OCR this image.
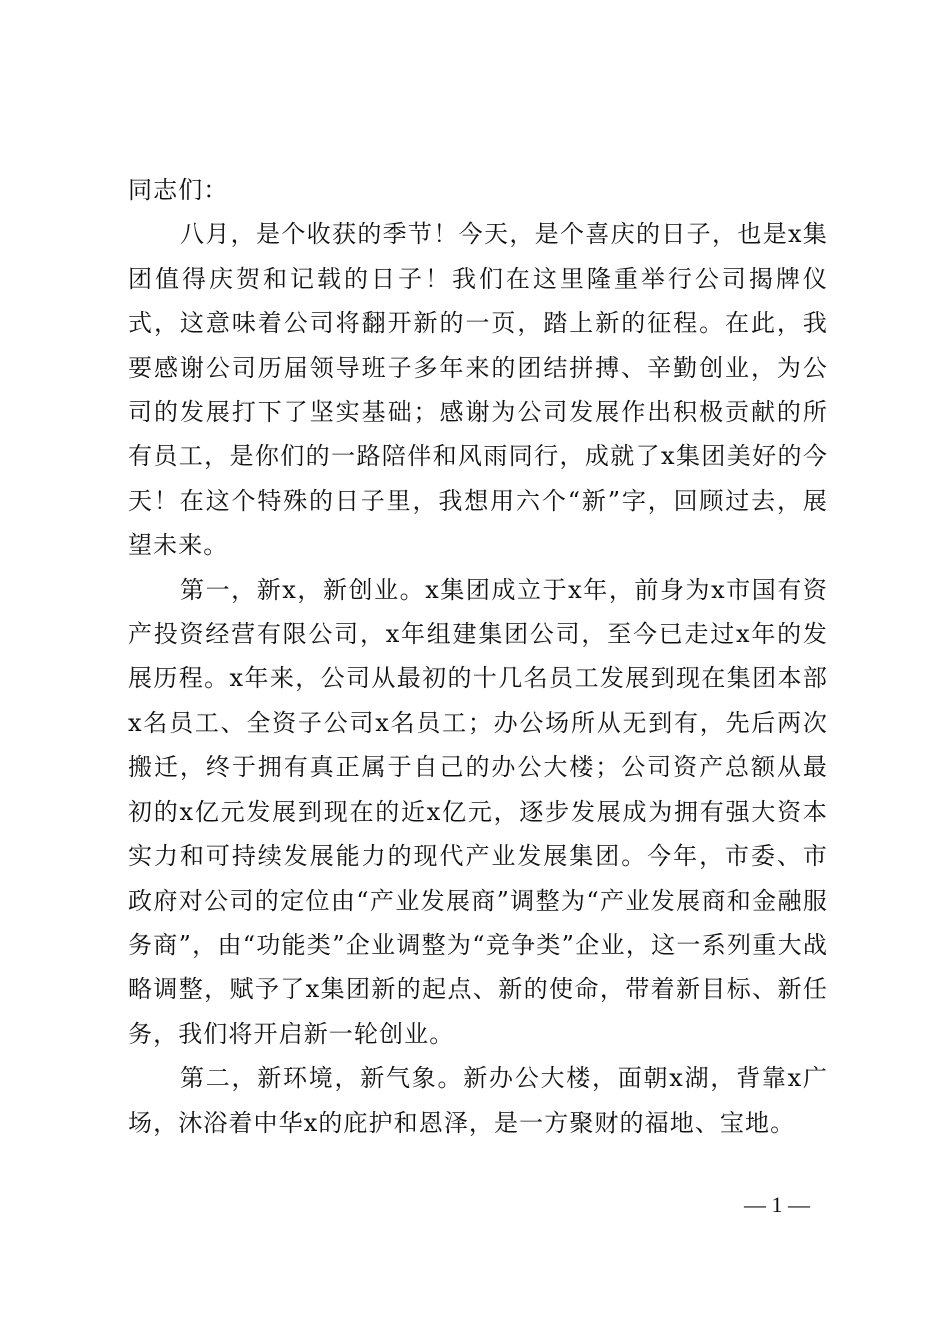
同志们：

八月，是个收获的季节！今天，是个喜庆的日子，也是x集团值得庆贺和记载的日子！我们在这里隆重举行公司揭牌仪式，这意味着公司将翻开新的一页，踏上新的征程。在此，我要感谢公司历届领导班子多年来的团结拼搏、辛勤创业，为公司的发展打下了坚实基础；感谢为公司发展作出积极贡献的所有员工，是你们的一路陪伴和风雨同行，成就了x集团美好的今天！在这个特殊的日子里，我想用六个“新”字，回顾过去，展望未来。

第一，新x，新创业。x集团成立于x年，前身为x市国有资产投资经营有限公司，x年组建集团公司，至今已走过x年的发展历程。x年来，公司从最初的十几名员工发展到现在集团本部x名员工、全资子公司x名员工；办公场所从无到有，先后两次搬迁，终于拥有真正属于自己的办公大楼；公司资产总额从最初的x亿元发展到现在的近x亿元，逐步发展成为拥有强大资本实力和可持续发展能力的现代产业发展集团。今年，市委、市政府对公司的定位由“产业发展商”调整为“产业发展商和金融服务商”，由“功能类”企业调整为“竞争类”企业，这一系列重大战略调整，赋予了x集团新的起点、新的使命，带着新目标、新任务，我们将开启新一轮创业。

第二，新环境，新气象。新办公大楼，面朝x湖，背靠x广场，沐浴着中华x的庇护和恩泽，是一方聚财的福地、宝地。

— 1 —
